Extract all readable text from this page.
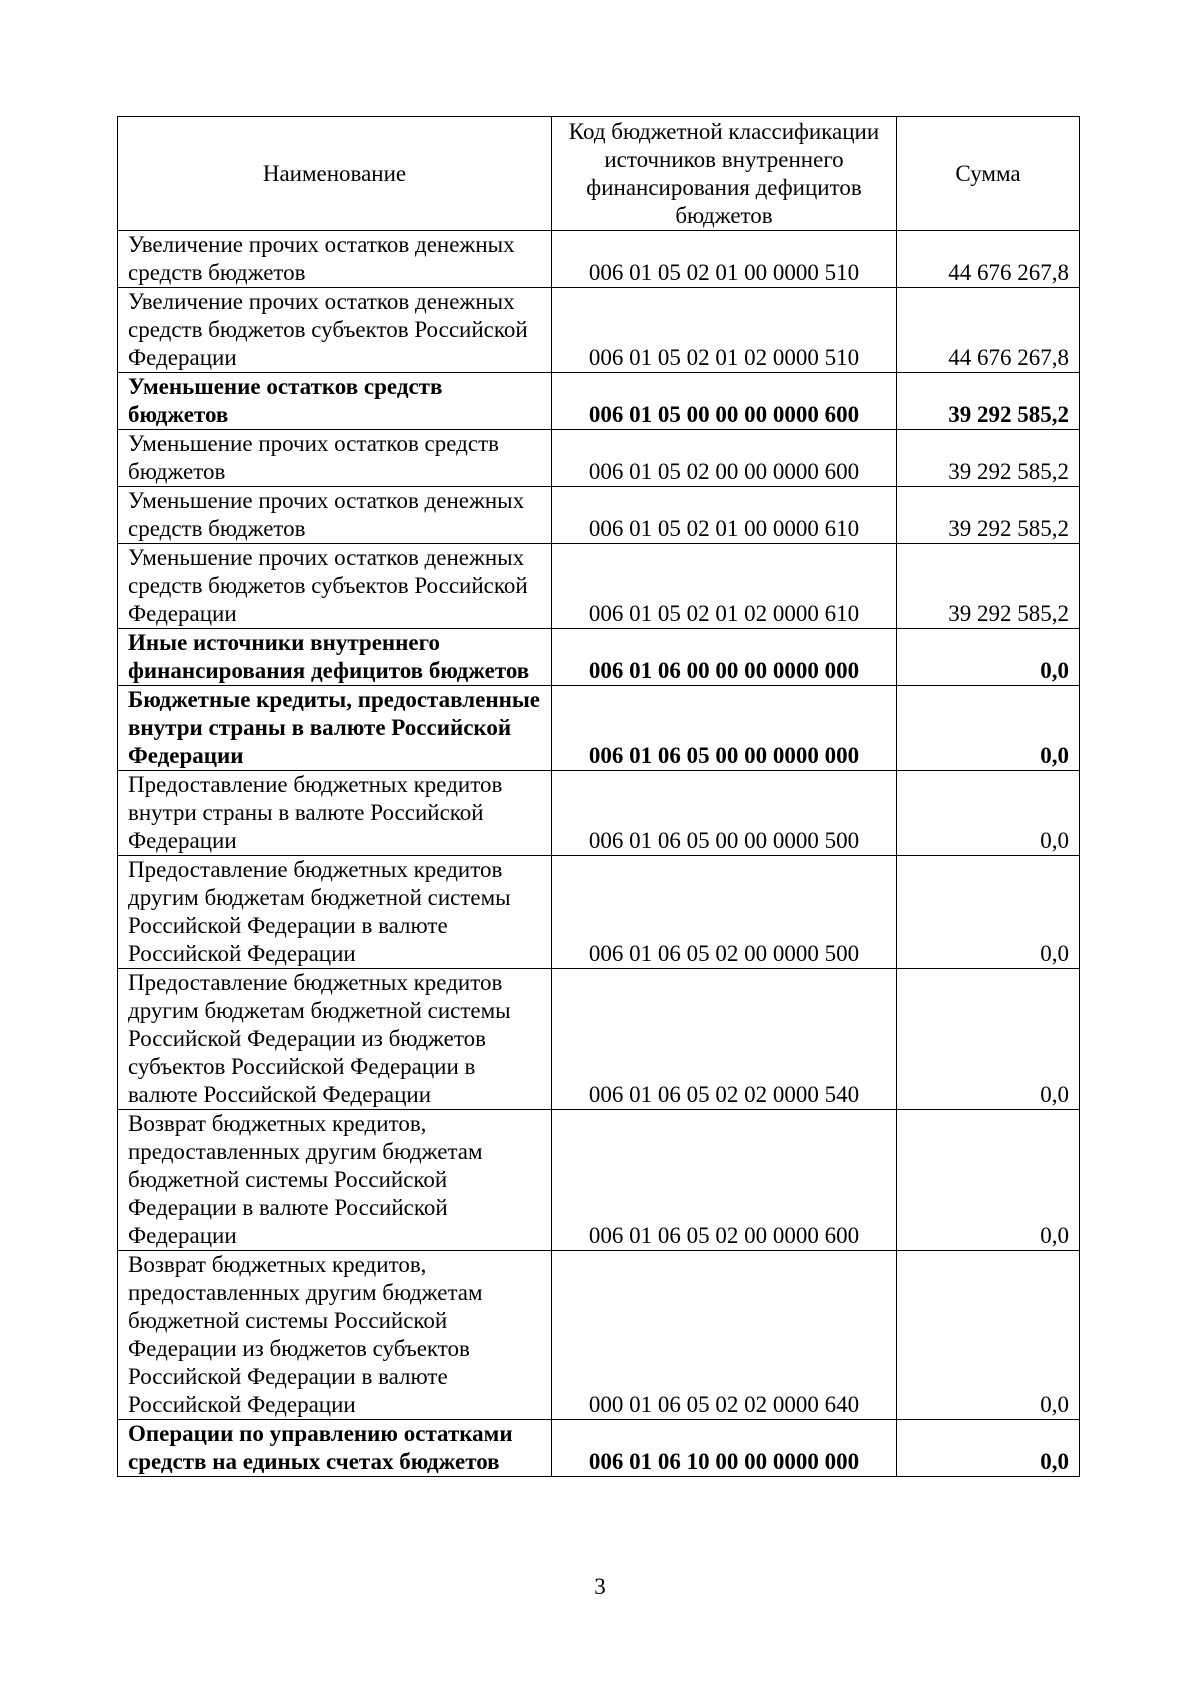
Наименование	Код бюджетной классификации источников внутреннего финансирования дефицитов бюджетов	Сумма
Увеличение прочих остатков денежных средств бюджетов	006 01 05 02 01 00 0000 510	44 676 267,8
Увеличение прочих остатков денежных средств бюджетов субъектов Российской Федерации	006 01 05 02 01 02 0000 510	44 676 267,8
Уменьшение остатков средств бюджетов	006 01 05 00 00 00 0000 600	39 292 585,2
Уменьшение прочих остатков средств бюджетов	006 01 05 02 00 00 0000 600	39 292 585,2
Уменьшение прочих остатков денежных средств бюджетов	006 01 05 02 01 00 0000 610	39 292 585,2
Уменьшение прочих остатков денежных средств бюджетов субъектов Российской Федерации	006 01 05 02 01 02 0000 610	39 292 585,2
Иные источники внутреннего финансирования дефицитов бюджетов	006 01 06 00 00 00 0000 000	0,0
Бюджетные кредиты, предоставленные внутри страны в валюте Российской Федерации	006 01 06 05 00 00 0000 000	0,0
Предоставление бюджетных кредитов внутри страны в валюте Российской Федерации	006 01 06 05 00 00 0000 500	0,0
Предоставление бюджетных кредитов другим бюджетам бюджетной системы Российской Федерации в валюте Российской Федерации	006 01 06 05 02 00 0000 500	0,0
Предоставление бюджетных кредитов другим бюджетам бюджетной системы Российской Федерации из бюджетов субъектов Российской Федерации в валюте Российской Федерации	006 01 06 05 02 02 0000 540	0,0
Возврат бюджетных кредитов, предоставленных другим бюджетам бюджетной системы Российской Федерации в валюте Российской Федерации	006 01 06 05 02 00 0000 600	0,0
Возврат бюджетных кредитов, предоставленных другим бюджетам бюджетной системы Российской Федерации из бюджетов субъектов Российской Федерации в валюте Российской Федерации	000 01 06 05 02 02 0000 640	0,0
Операции по управлению остатками средств на единых счетах бюджетов	006 01 06 10 00 00 0000 000	0,0
3
